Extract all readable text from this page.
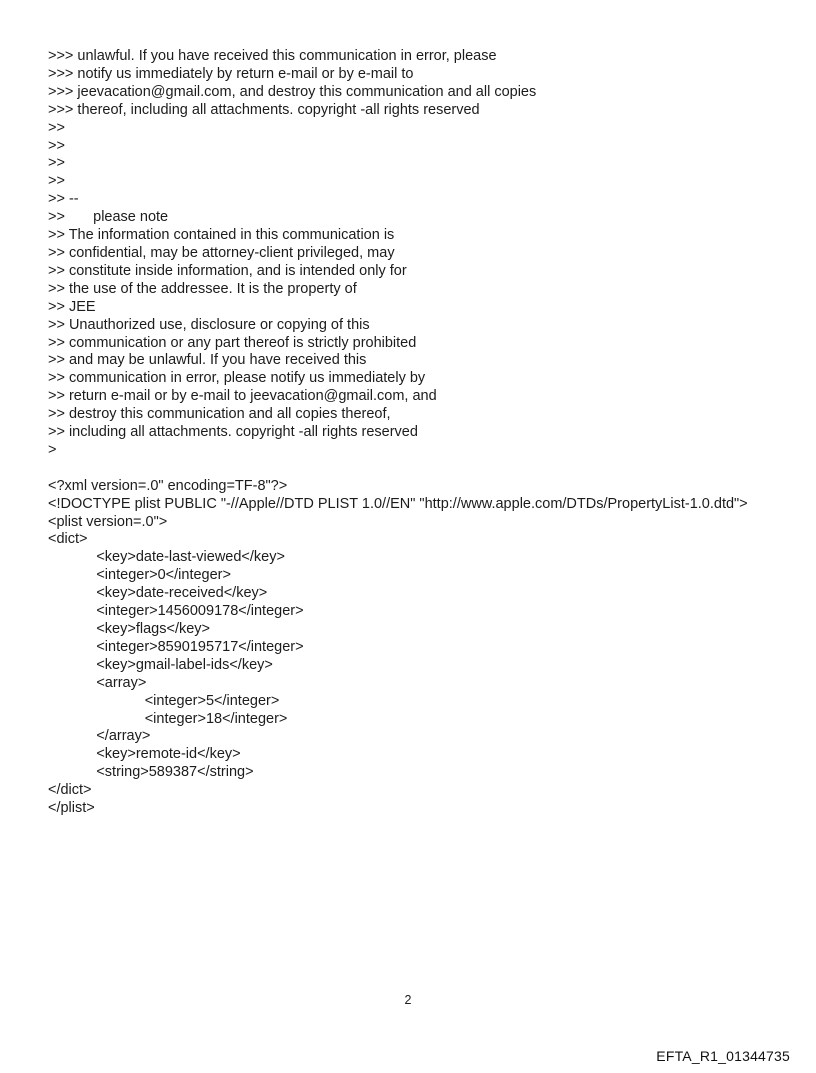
>>> unlawful. If you have received this communication in error, please
>>> notify us immediately by return e-mail or by e-mail to
>>> jeevacation@gmail.com, and destroy this communication and all copies
>>> thereof, including all attachments. copyright -all rights reserved
>>
>>
>>
>>
>> --
>>       please note
>> The information contained in this communication is
>> confidential, may be attorney-client privileged, may
>> constitute inside information, and is intended only for
>> the use of the addressee. It is the property of
>> JEE
>> Unauthorized use, disclosure or copying of this
>> communication or any part thereof is strictly prohibited
>> and may be unlawful. If you have received this
>> communication in error, please notify us immediately by
>> return e-mail or by e-mail to jeevacation@gmail.com, and
>> destroy this communication and all copies thereof,
>> including all attachments. copyright -all rights reserved
>
<?xml version=.0" encoding=TF-8"?>
<!DOCTYPE plist PUBLIC "-//Apple//DTD PLIST 1.0//EN" "http://www.apple.com/DTDs/PropertyList-1.0.dtd">
<plist version=.0">
<dict>
<key>date-last-viewed</key>
<integer>0</integer>
<key>date-received</key>
<integer>1456009178</integer>
<key>flags</key>
<integer>8590195717</integer>
<key>gmail-label-ids</key>
<array>
<integer>5</integer>
<integer>18</integer>
</array>
<key>remote-id</key>
<string>589387</string>
</dict>
</plist>
2
EFTA_R1_01344735
